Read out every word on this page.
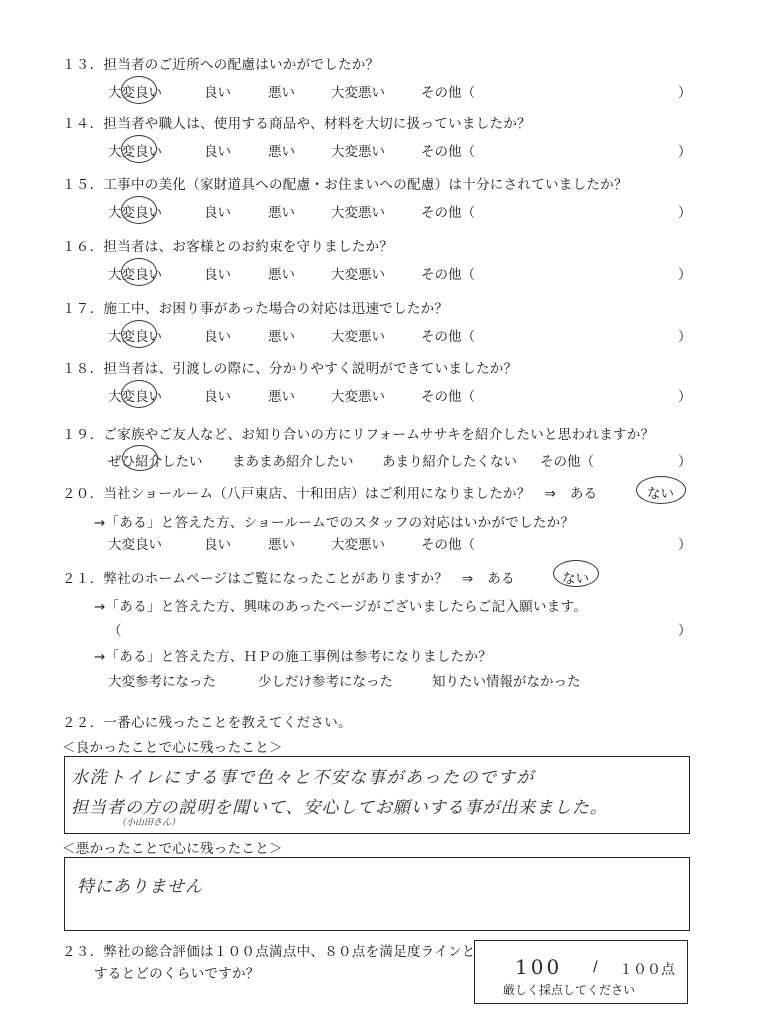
１３．担当者のご近所への配慮はいかがでしたか？
大変良い	良い	悪い	大変悪い	その他（	）
１４．担当者や職人は、使用する商品や、材料を大切に扱っていましたか？
大変良い	良い	悪い	大変悪い	その他（	）
１５．工事中の美化（家財道具への配慮・お住まいへの配慮）は十分にされていましたか？
大変良い	良い	悪い	大変悪い	その他（	）
１６．担当者は、お客様とのお約束を守りましたか？
大変良い	良い	悪い	大変悪い	その他（	）
１７．施工中、お困り事があった場合の対応は迅速でしたか？
大変良い	良い	悪い	大変悪い	その他（	）
１８．担当者は、引渡しの際に、分かりやすく説明ができていましたか？
大変良い	良い	悪い	大変悪い	その他（	）
１９．ご家族やご友人など、お知り合いの方にリフォームササキを紹介したいと思われますか？
ぜひ紹介したい まあまあ紹介したい あまり紹介したくない その他（	）
２０．当社ショールーム（八戸東店、十和田店）はご利用になりましたか？　⇒　ある	ない
→「ある」と答えた方、ショールームでのスタッフの対応はいかがでしたか？
大変良い	良い	悪い	大変悪い	その他（	）
２１．弊社のホームページはご覧になったことがありますか？　⇒　ある	ない
→「ある」と答えた方、興味のあったページがございましたらご記入願います。
（	）
→「ある」と答えた方、ＨＰの施工事例は参考になりましたか？
大変参考になった	少しだけ参考になった	知りたい情報がなかった
２２．一番心に残ったことを教えてください。
＜良かったことで心に残ったこと＞
水洗トイレにする事で色々と不安な事があったのですが
担当者の方の説明を聞いて、安心してお願いする事が出来ました。
（小山田さん）
＜悪かったことで心に残ったこと＞
特にありません
２３．弊社の総合評価は１００点満点中、８０点を満足度ラインと
するとどのくらいですか？	100 / １００点
厳しく採点してください
